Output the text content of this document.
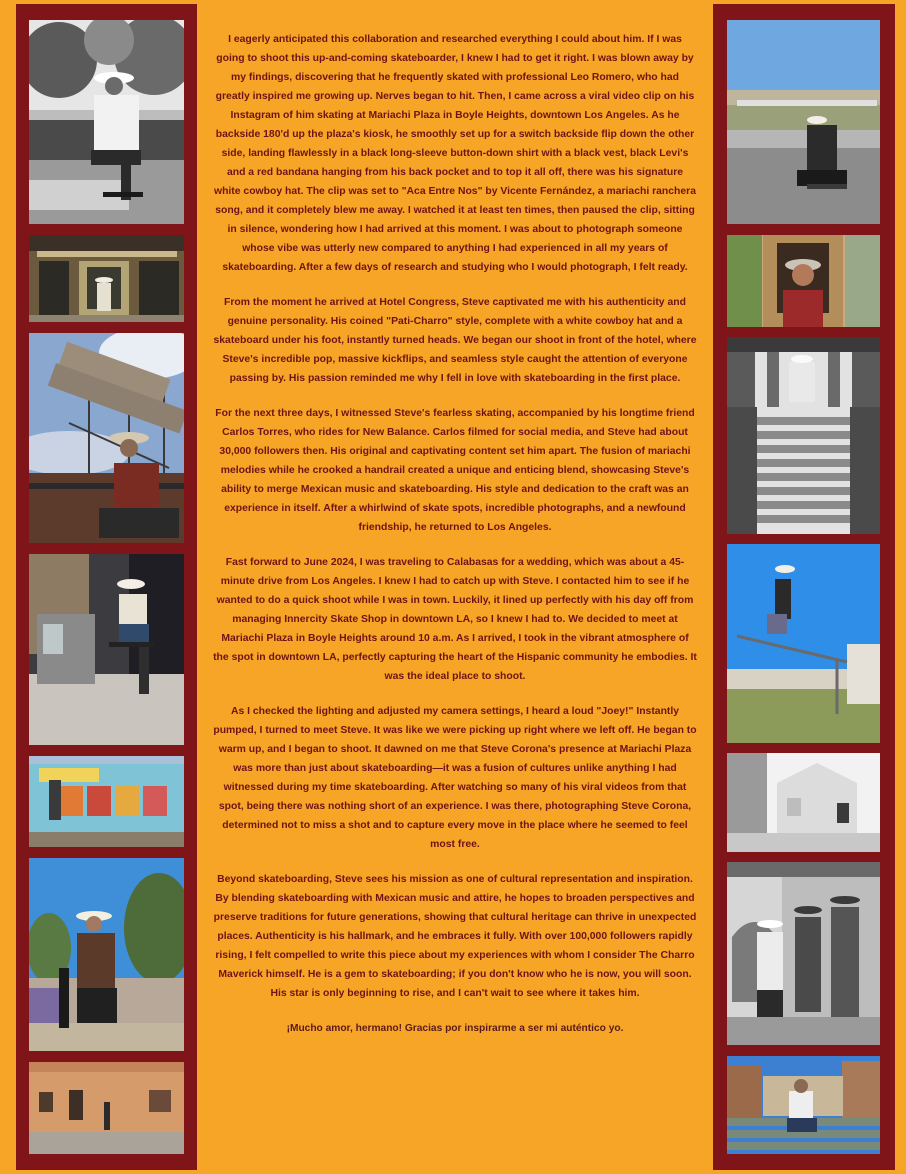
I eagerly anticipated this collaboration and researched everything I could about him. If I was going to shoot this up-and-coming skateboarder, I knew I had to get it right. I was blown away by my findings, discovering that he frequently skated with professional Leo Romero, who had greatly inspired me growing up. Nerves began to hit. Then, I came across a viral video clip on his Instagram of him skating at Mariachi Plaza in Boyle Heights, downtown Los Angeles. As he backside 180'd up the plaza's kiosk, he smoothly set up for a switch backside flip down the other side, landing flawlessly in a black long-sleeve button-down shirt with a black vest, black Levi's and a red bandana hanging from his back pocket and to top it all off, there was his signature white cowboy hat. The clip was set to "Aca Entre Nos" by Vicente Fernández, a mariachi ranchera song, and it completely blew me away. I watched it at least ten times, then paused the clip, sitting in silence, wondering how I had arrived at this moment. I was about to photograph someone whose vibe was utterly new compared to anything I had experienced in all my years of skateboarding. After a few days of research and studying who I would photograph, I felt ready.

From the moment he arrived at Hotel Congress, Steve captivated me with his authenticity and genuine personality. His coined "Pati-Charro" style, complete with a white cowboy hat and a skateboard under his foot, instantly turned heads. We began our shoot in front of the hotel, where Steve's incredible pop, massive kickflips, and seamless style caught the attention of everyone passing by. His passion reminded me why I fell in love with skateboarding in the first place.

For the next three days, I witnessed Steve's fearless skating, accompanied by his longtime friend Carlos Torres, who rides for New Balance. Carlos filmed for social media, and Steve had about 30,000 followers then. His original and captivating content set him apart. The fusion of mariachi melodies while he crooked a handrail created a unique and enticing blend, showcasing Steve's ability to merge Mexican music and skateboarding. His style and dedication to the craft was an experience in itself. After a whirlwind of skate spots, incredible photographs, and a newfound friendship, he returned to Los Angeles.

Fast forward to June 2024, I was traveling to Calabasas for a wedding, which was about a 45-minute drive from Los Angeles. I knew I had to catch up with Steve. I contacted him to see if he wanted to do a quick shoot while I was in town. Luckily, it lined up perfectly with his day off from managing Innercity Skate Shop in downtown LA, so I knew I had to. We decided to meet at Mariachi Plaza in Boyle Heights around 10 a.m. As I arrived, I took in the vibrant atmosphere of the spot in downtown LA, perfectly capturing the heart of the Hispanic community he embodies. It was the ideal place to shoot.

As I checked the lighting and adjusted my camera settings, I heard a loud "Joey!" Instantly pumped, I turned to meet Steve. It was like we were picking up right where we left off. He began to warm up, and I began to shoot. It dawned on me that Steve Corona's presence at Mariachi Plaza was more than just about skateboarding—it was a fusion of cultures unlike anything I had witnessed during my time skateboarding. After watching so many of his viral videos from that spot, being there was nothing short of an experience. I was there, photographing Steve Corona, determined not to miss a shot and to capture every move in the place where he seemed to feel most free.

Beyond skateboarding, Steve sees his mission as one of cultural representation and inspiration. By blending skateboarding with Mexican music and attire, he hopes to broaden perspectives and preserve traditions for future generations, showing that cultural heritage can thrive in unexpected places. Authenticity is his hallmark, and he embraces it fully. With over 100,000 followers rapidly rising, I felt compelled to write this piece about my experiences with whom I consider The Charro Maverick himself. He is a gem to skateboarding; if you don't know who he is now, you will soon. His star is only beginning to rise, and I can't wait to see where it takes him.

¡Mucho amor, hermano! Gracias por inspirarme a ser mi auténtico yo.
